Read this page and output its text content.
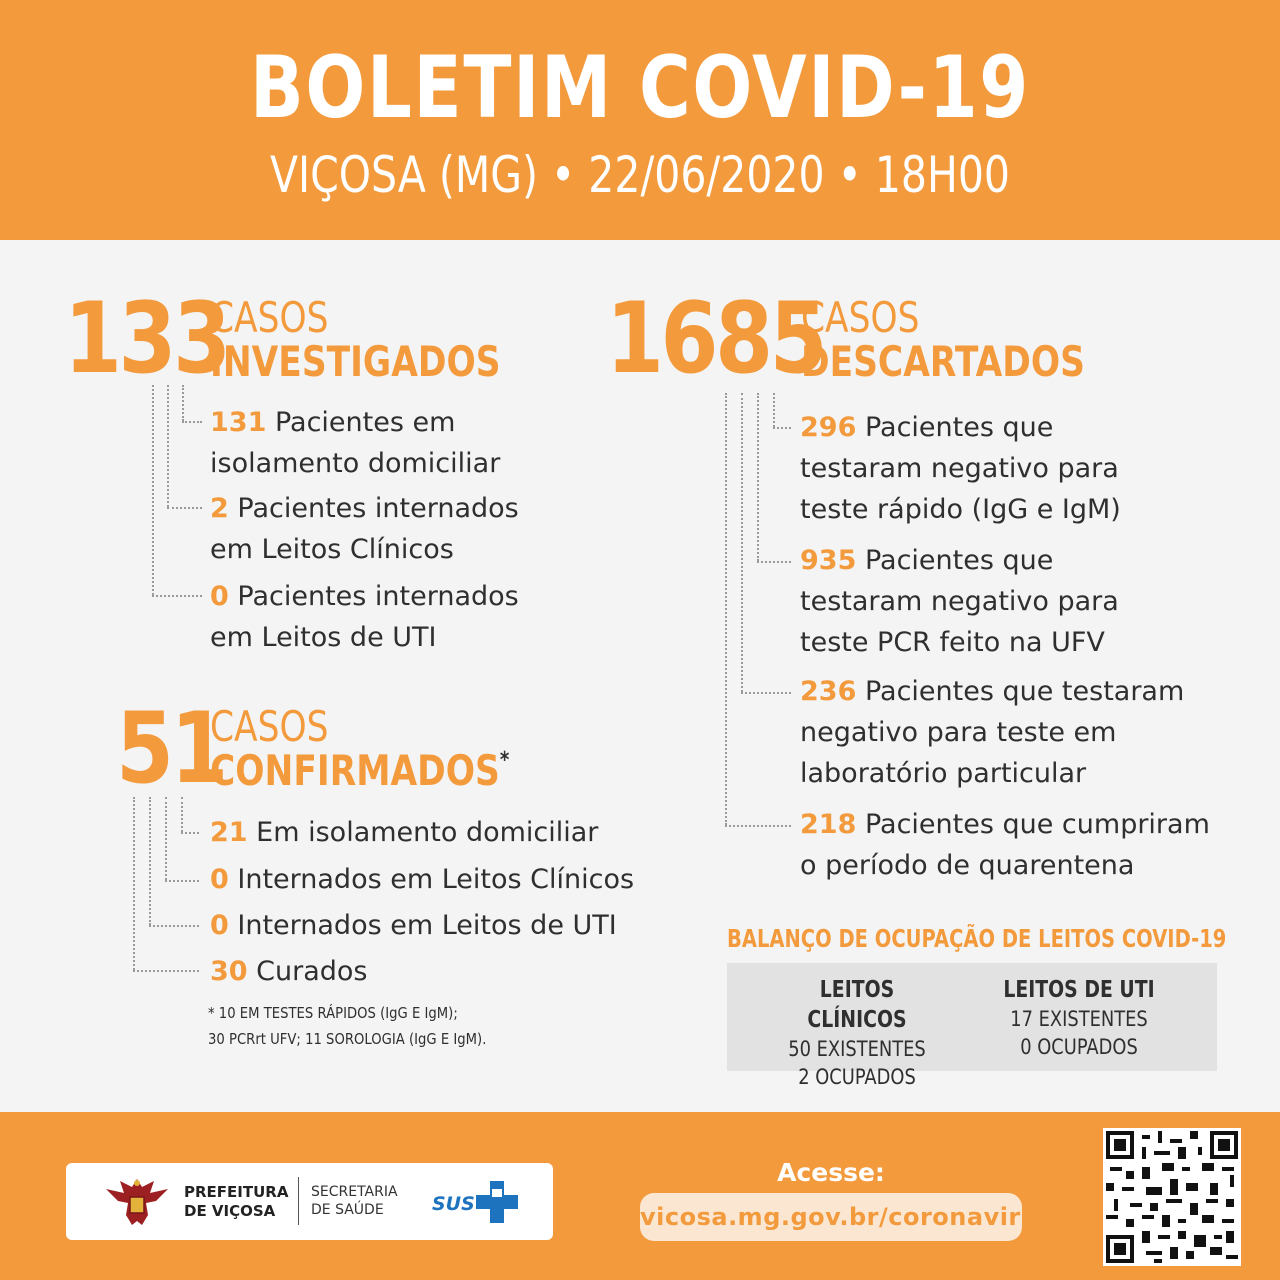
BOLETIM COVID-19
VIÇOSA (MG) • 22/06/2020 • 18H00
133
CASOS
INVESTIGADOS
131 Pacientes em
isolamento domiciliar
2 Pacientes internados
em Leitos Clínicos
0 Pacientes internados
em Leitos de UTI
51
CASOS
CONFIRMADOS*
21 Em isolamento domiciliar
0 Internados em Leitos Clínicos
0 Internados em Leitos de UTI
30 Curados
* 10 EM TESTES RÁPIDOS (IgG E IgM);
30 PCRrt UFV; 11 SOROLOGIA (IgG E IgM).
1685
CASOS
DESCARTADOS
296 Pacientes que
testaram negativo para
teste rápido (IgG e IgM)
935 Pacientes que
testaram negativo para
teste PCR feito na UFV
236 Pacientes que testaram
negativo para teste em
laboratório particular
218 Pacientes que cumpriram
o período de quarentena
BALANÇO DE OCUPAÇÃO DE LEITOS COVID-19
LEITOS CLÍNICOS
50 EXISTENTES
2 OCUPADOS
LEITOS DE UTI
17 EXISTENTES
0 OCUPADOS
PREFEITURA
DE VIÇOSA
SECRETARIA
DE SAÚDE	SUS
Acesse:
vicosa.mg.gov.br/coronavirus
